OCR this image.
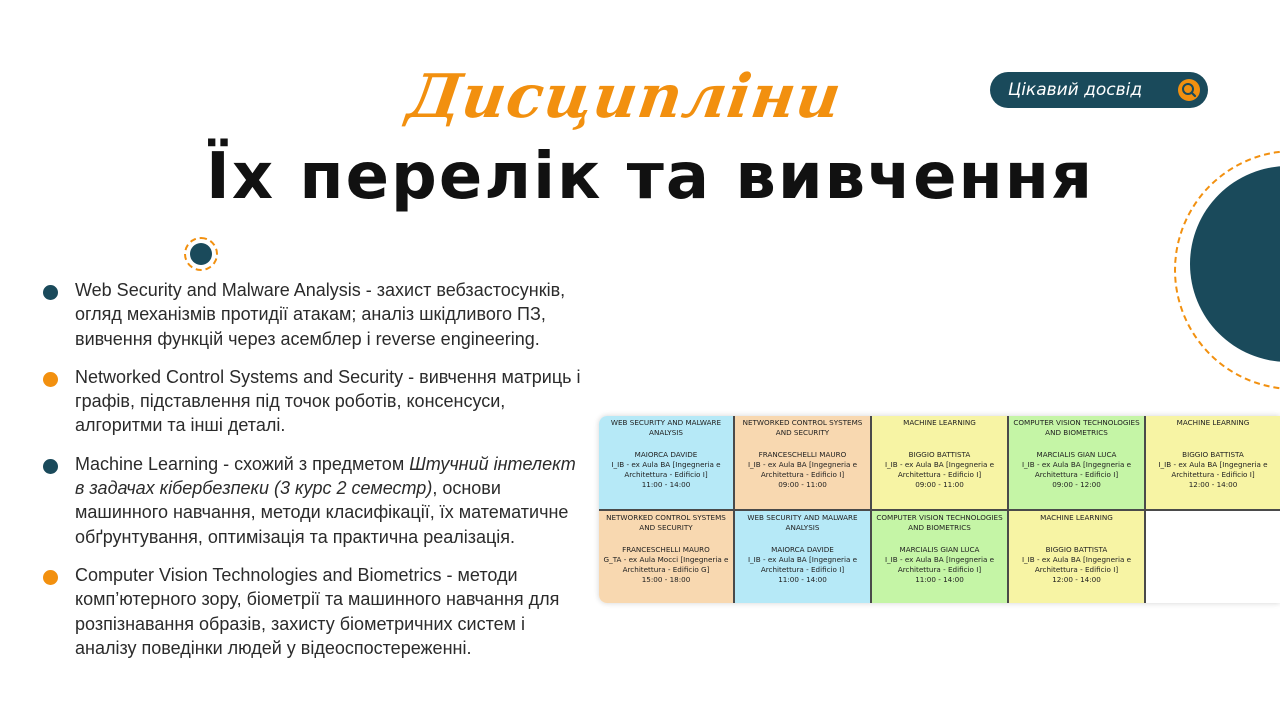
Дисципліни
Їх перелік та вивчення
Цікавий досвід
Web Security and Malware Analysis - захист вебзастосунків, огляд механізмів протидії атакам; аналіз шкідливого ПЗ, вивчення функцій через асемблер і reverse engineering.
Networked Control Systems and Security - вивчення матриць і графів, підставлення під точок роботів, консенсуси, алгоритми та інші деталі.
Machine Learning - схожий з предметом Штучний інтелект в задачах кібербезпеки (3 курс 2 семестр), основи машинного навчання, методи класифікації, їх математичне обґрунтування, оптимізація та практична реалізація.
Computer Vision Technologies and Biometrics - методи комп’ютерного зору, біометрії та машинного навчання для розпізнавання образів, захисту біометричних систем і аналізу поведінки людей у відеоспостереженні.
WEB SECURITY AND MALWARE ANALYSIS
MAIORCA DAVIDE
I_IB - ex Aula BA [Ingegneria e Architettura - Edificio I]
11:00 - 14:00
NETWORKED CONTROL SYSTEMS AND SECURITY
FRANCESCHELLI MAURO
I_IB - ex Aula BA [Ingegneria e Architettura - Edificio I]
09:00 - 11:00
MACHINE LEARNING
BIGGIO BATTISTA
I_IB - ex Aula BA [Ingegneria e Architettura - Edificio I]
09:00 - 11:00
COMPUTER VISION TECHNOLOGIES AND BIOMETRICS
MARCIALIS GIAN LUCA
I_IB - ex Aula BA [Ingegneria e Architettura - Edificio I]
09:00 - 12:00
MACHINE LEARNING
BIGGIO BATTISTA
I_IB - ex Aula BA [Ingegneria e Architettura - Edificio I]
12:00 - 14:00
NETWORKED CONTROL SYSTEMS AND SECURITY
FRANCESCHELLI MAURO
G_TA - ex Aula Mocci [Ingegneria e Architettura - Edificio G]
15:00 - 18:00
WEB SECURITY AND MALWARE ANALYSIS
MAIORCA DAVIDE
I_IB - ex Aula BA [Ingegneria e Architettura - Edificio I]
11:00 - 14:00
COMPUTER VISION TECHNOLOGIES AND BIOMETRICS
MARCIALIS GIAN LUCA
I_IB - ex Aula BA [Ingegneria e Architettura - Edificio I]
11:00 - 14:00
MACHINE LEARNING
BIGGIO BATTISTA
I_IB - ex Aula BA [Ingegneria e Architettura - Edificio I]
12:00 - 14:00
